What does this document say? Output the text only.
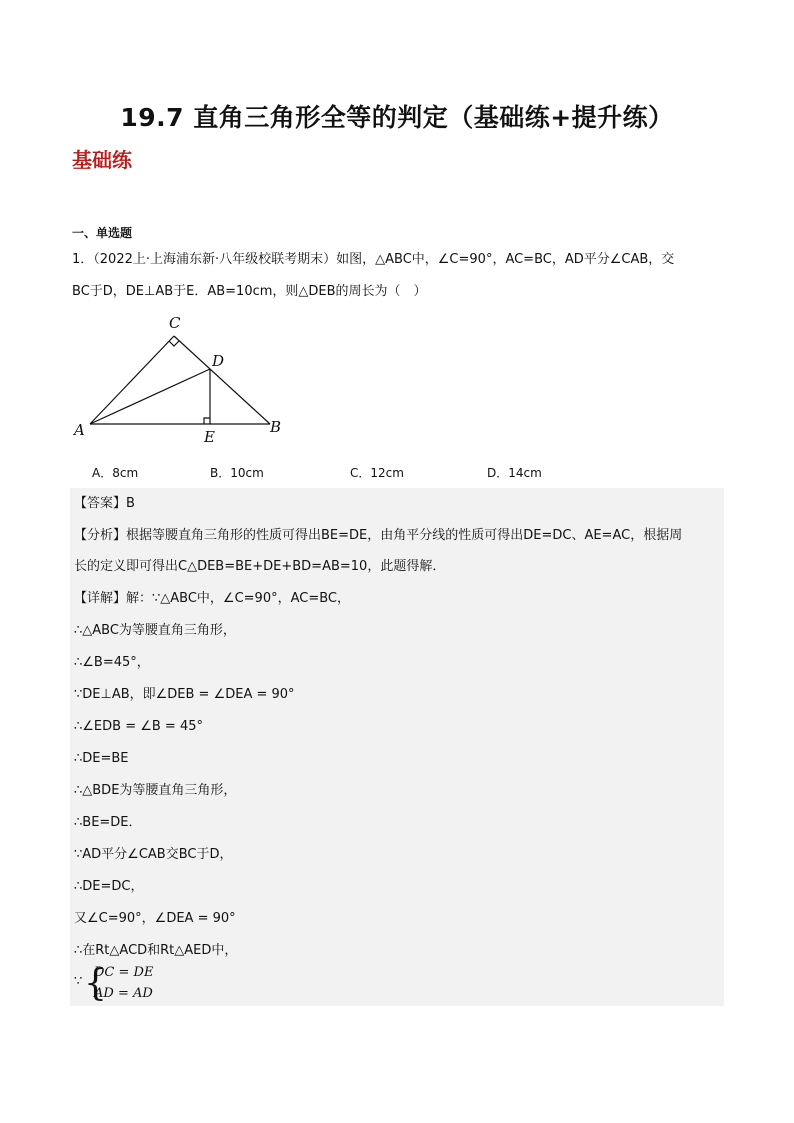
19.7 直角三角形全等的判定（基础练+提升练）
基础练
一、单选题
1．（2022上·上海浦东新·八年级校联考期末）如图，△ABC中，∠C=90°，AC=BC，AD平分∠CAB，交
BC于D，DE⊥AB于E．AB=10cm，则△DEB的周长为（　）
C
D
A	E
B
A．8cm	B．10cm	C．12cm	D．14cm
【答案】B
【分析】根据等腰直角三角形的性质可得出BE=DE，由角平分线的性质可得出DE=DC、AE=AC，根据周
长的定义即可得出C△DEB=BE+DE+BD=AB=10，此题得解．
【详解】解：∵△ABC中，∠C=90°，AC=BC，
∴△ABC为等腰直角三角形，
∴∠B=45°，
∵DE⊥AB，即∠DEB = ∠DEA = 90°
∴∠EDB = ∠B = 45°
∴DE=BE
∴△BDE为等腰直角三角形，
∴BE=DE．
∵AD平分∠CAB交BC于D，
∴DE=DC，
又∠C=90°，∠DEA = 90°
∴在Rt△ACD和Rt△AED中，
∵ {
DC = DE
AD = AD
